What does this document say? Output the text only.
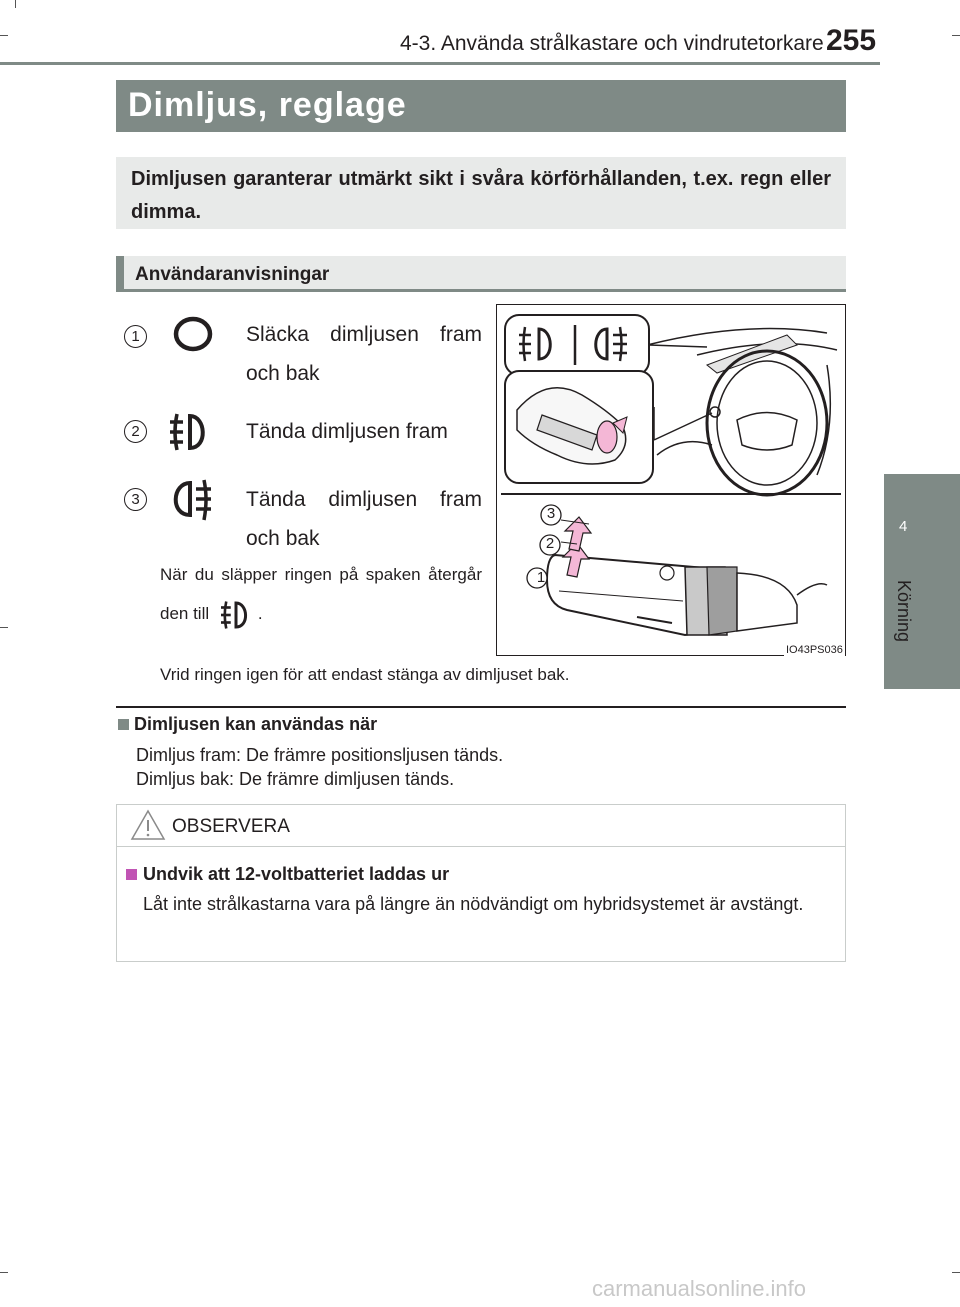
4-3. Använda strålkastare och vindrutetorkare 255
4
Körning
Dimljus, reglage
Dimljusen garanterar utmärkt sikt i svåra körförhållanden, t.ex. regn eller dimma.
Användaranvisningar
1	Släcka dimljusen fram och bak
2	Tända dimljusen fram
3	Tända dimljusen fram och bak
När du släpper ringen på spaken återgår den till	.
Vrid ringen igen för att endast stänga av dimljuset bak.
1
2
3
IO43PS036
Dimljusen kan användas när
Dimljus fram: De främre positionsljusen tänds.
Dimljus bak: De främre dimljusen tänds.
OBSERVERA
Undvik att 12-voltbatteriet laddas ur
Låt inte strålkastarna vara på längre än nödvändigt om hybridsystemet är avstängt.
carmanualsonline.info
